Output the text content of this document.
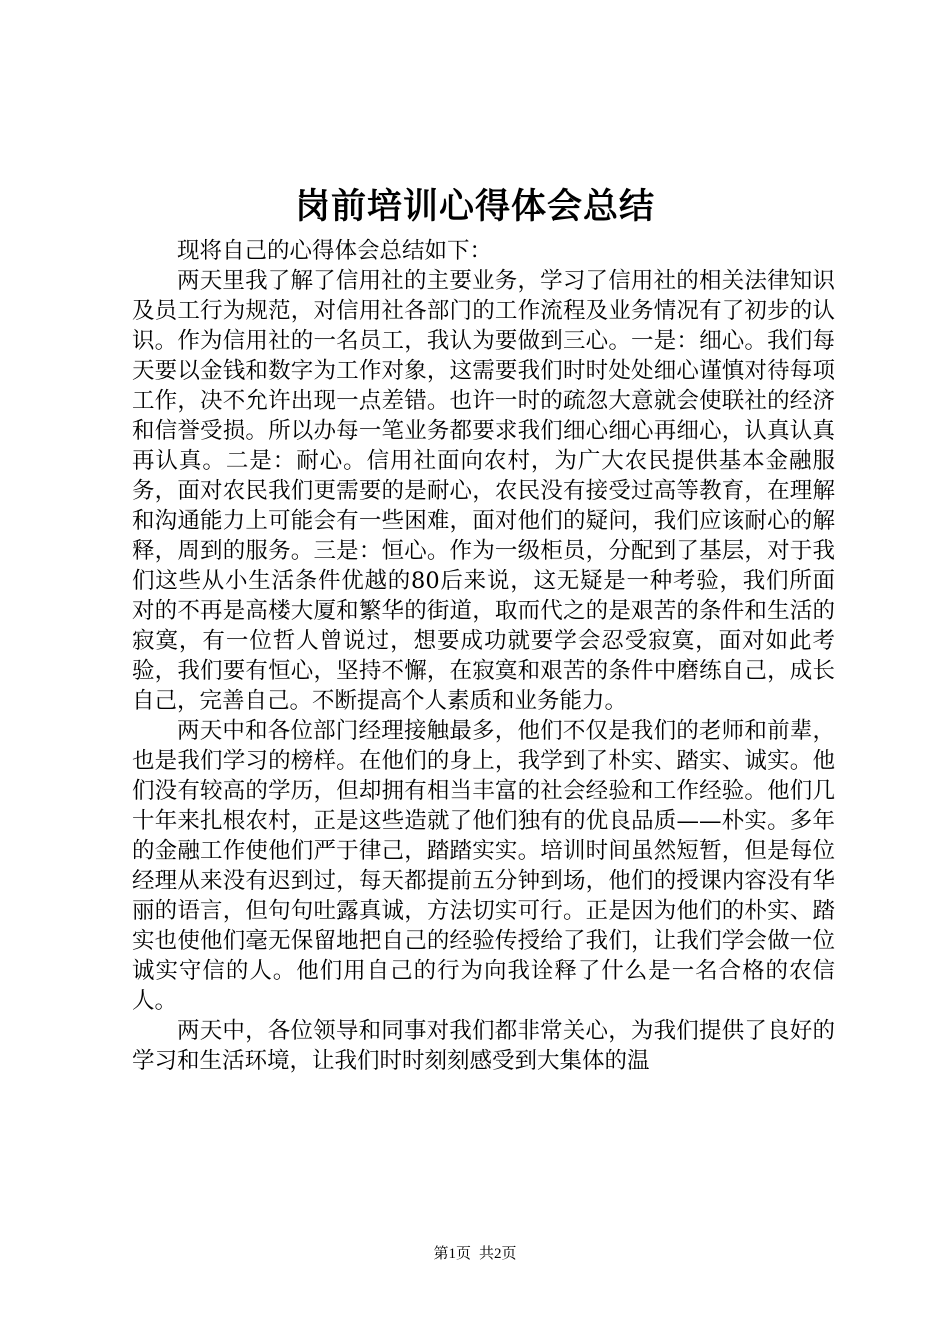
岗前培训心得体会总结

现将自己的心得体会总结如下：

两天里我了解了信用社的主要业务，学习了信用社的相关法律知识及员工行为规范，对信用社各部门的工作流程及业务情况有了初步的认识。作为信用社的一名员工，我认为要做到三心。一是：细心。我们每天要以金钱和数字为工作对象，这需要我们时时处处细心谨慎对待每项工作，决不允许出现一点差错。也许一时的疏忽大意就会使联社的经济和信誉受损。所以办每一笔业务都要求我们细心细心再细心，认真认真再认真。二是：耐心。信用社面向农村，为广大农民提供基本金融服务，面对农民我们更需要的是耐心，农民没有接受过高等教育，在理解和沟通能力上可能会有一些困难，面对他们的疑问，我们应该耐心的解释，周到的服务。三是：恒心。作为一级柜员，分配到了基层，对于我们这些从小生活条件优越的80后来说，这无疑是一种考验，我们所面对的不再是高楼大厦和繁华的街道，取而代之的是艰苦的条件和生活的寂寞，有一位哲人曾说过，想要成功就要学会忍受寂寞，面对如此考验，我们要有恒心，坚持不懈，在寂寞和艰苦的条件中磨练自己，成长自己，完善自己。不断提高个人素质和业务能力。

两天中和各位部门经理接触最多，他们不仅是我们的老师和前辈，也是我们学习的榜样。在他们的身上，我学到了朴实、踏实、诚实。他们没有较高的学历，但却拥有相当丰富的社会经验和工作经验。他们几十年来扎根农村，正是这些造就了他们独有的优良品质——朴实。多年的金融工作使他们严于律己，踏踏实实。培训时间虽然短暂，但是每位经理从来没有迟到过，每天都提前五分钟到场，他们的授课内容没有华丽的语言，但句句吐露真诚，方法切实可行。正是因为他们的朴实、踏实也使他们毫无保留地把自己的经验传授给了我们，让我们学会做一位诚实守信的人。他们用自己的行为向我诠释了什么是一名合格的农信人。

两天中，各位领导和同事对我们都非常关心，为我们提供了良好的学习和生活环境，让我们时时刻刻感受到大集体的温

第1页 共2页
